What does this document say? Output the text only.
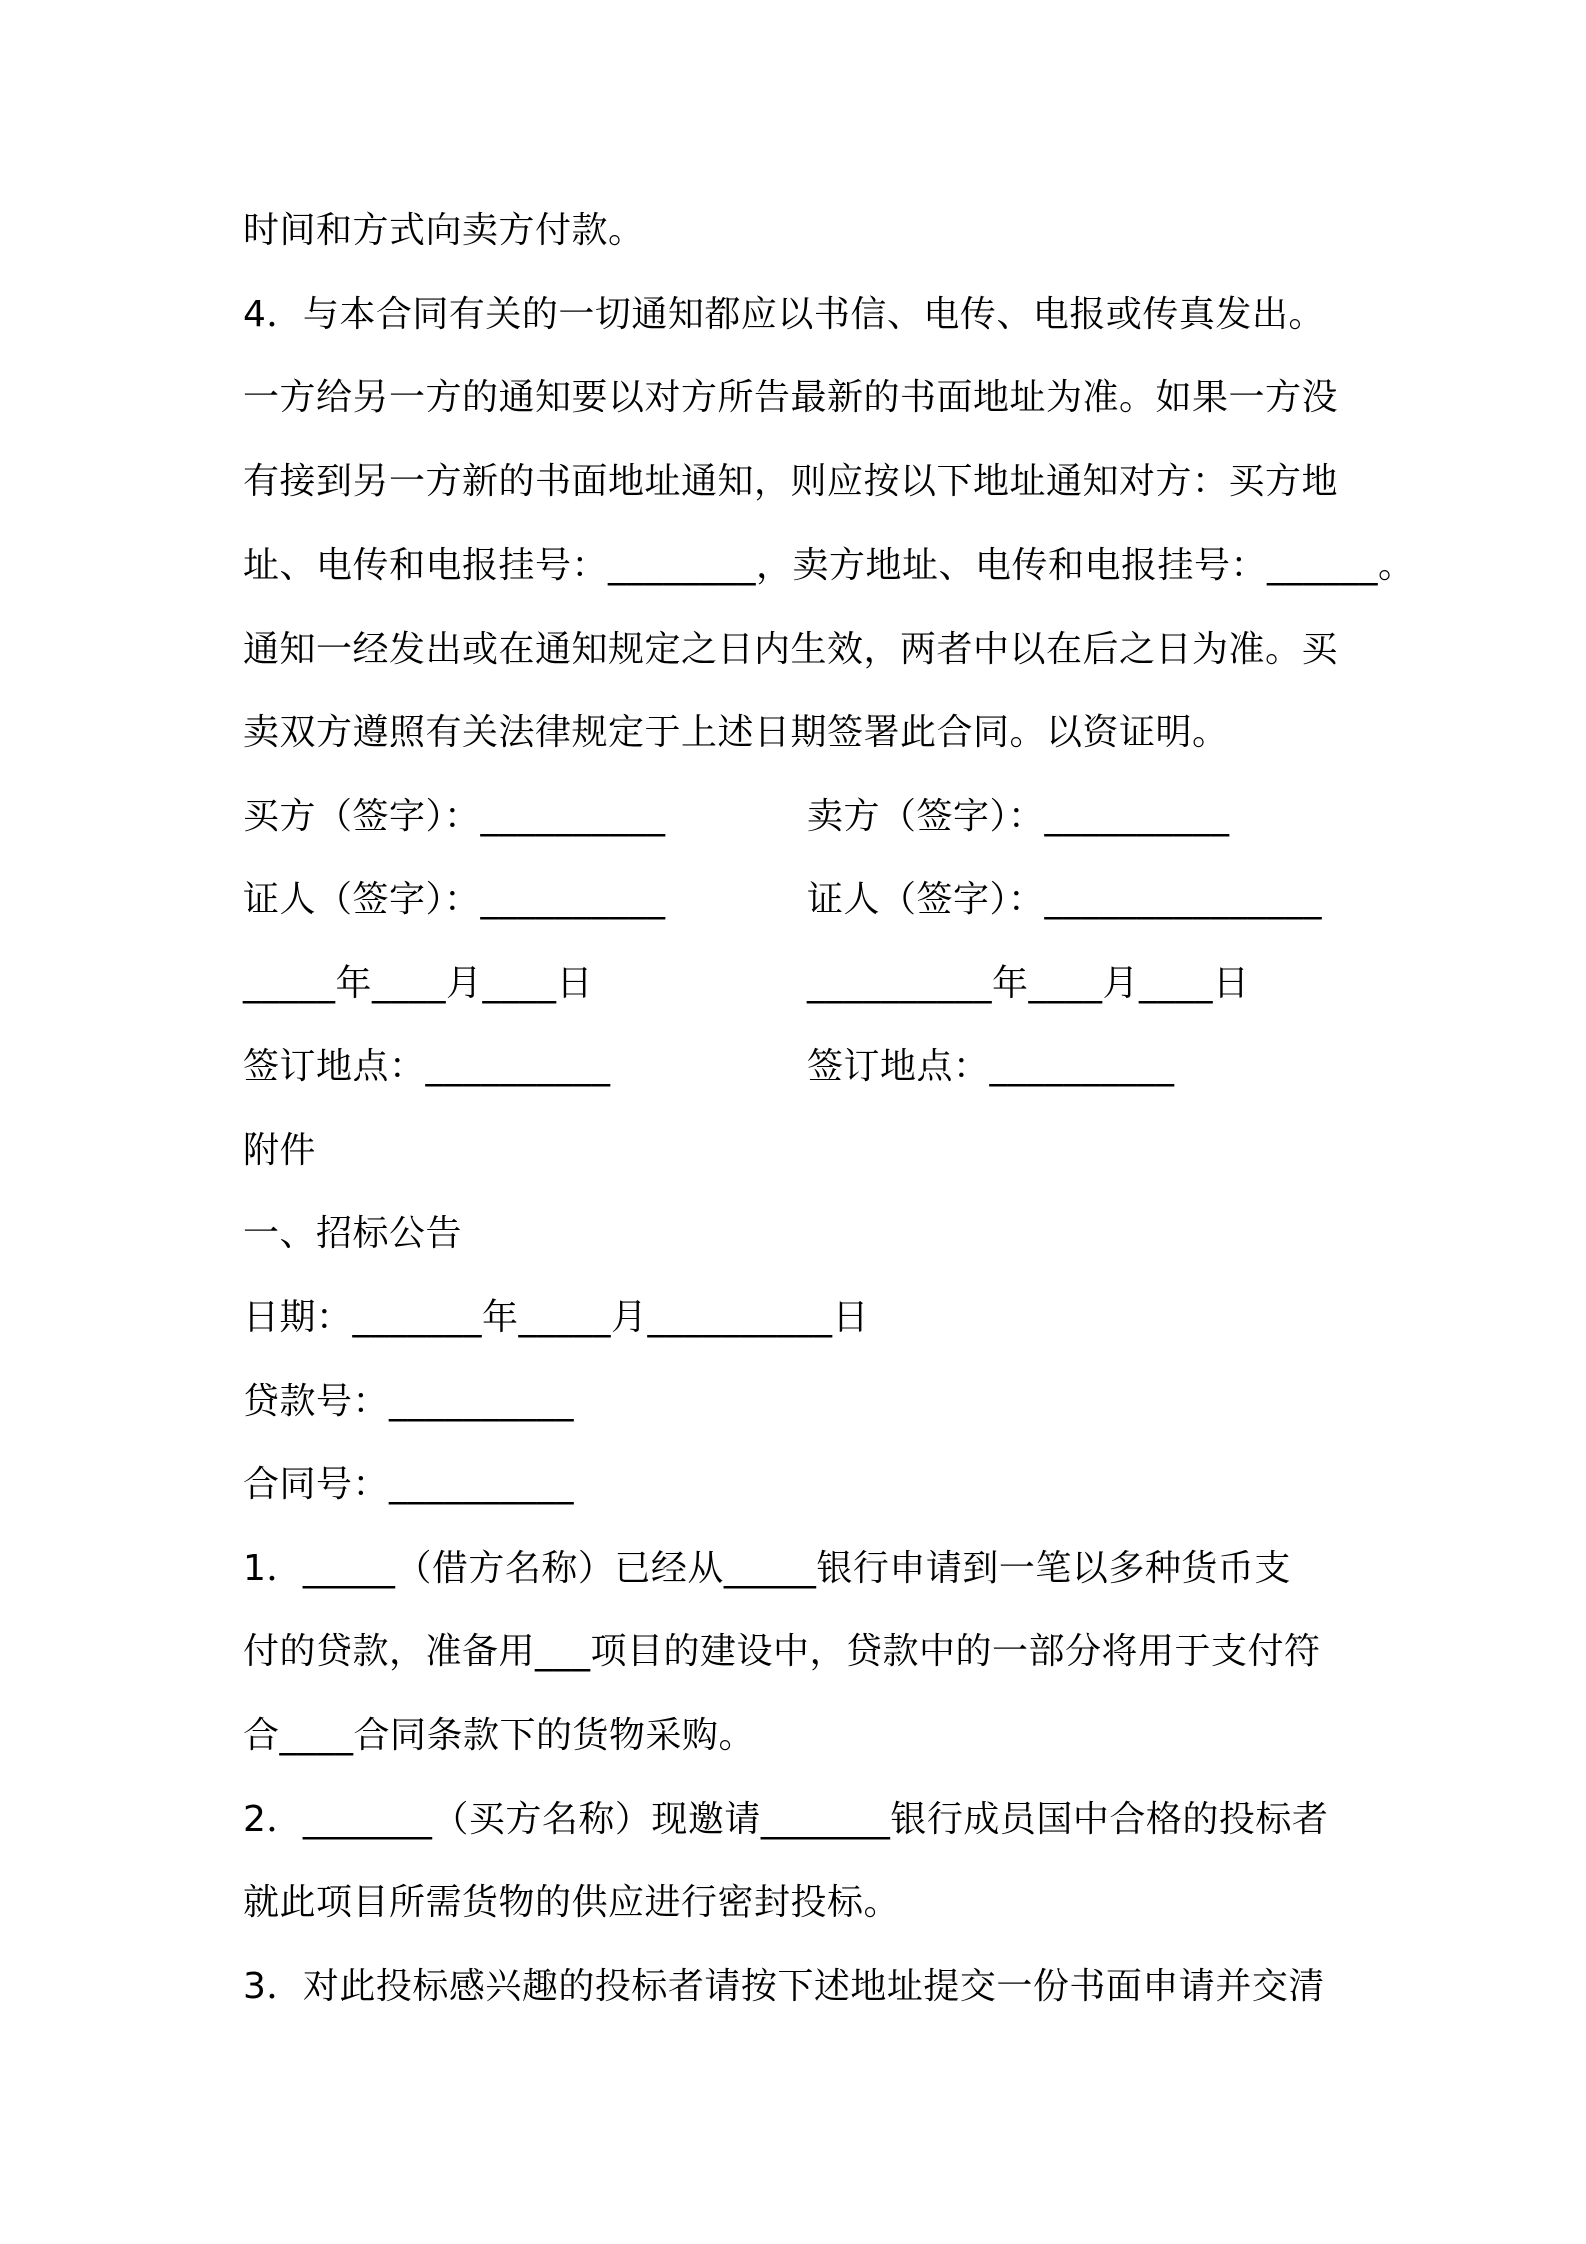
时间和方式向卖方付款。
4．与本合同有关的一切通知都应以书信、电传、电报或传真发出。
一方给另一方的通知要以对方所告最新的书面地址为准。如果一方没
有接到另一方新的书面地址通知，则应按以下地址通知对方：买方地
址、电传和电报挂号：________，卖方地址、电传和电报挂号：______。
通知一经发出或在通知规定之日内生效，两者中以在后之日为准。买
卖双方遵照有关法律规定于上述日期签署此合同。以资证明。
买方（签字）：__________	卖方（签字）：__________
证人（签字）：__________	证人（签字）：_______________
_____年____月____日	__________年____月____日
签订地点：__________	签订地点：__________
附件
一、招标公告
日期：_______年_____月__________日
贷款号：__________
合同号：__________
1．_____（借方名称）已经从_____银行申请到一笔以多种货币支
付的贷款，准备用___项目的建设中，贷款中的一部分将用于支付符
合____合同条款下的货物采购。
2．_______（买方名称）现邀请_______银行成员国中合格的投标者
就此项目所需货物的供应进行密封投标。
3．对此投标感兴趣的投标者请按下述地址提交一份书面申请并交清
